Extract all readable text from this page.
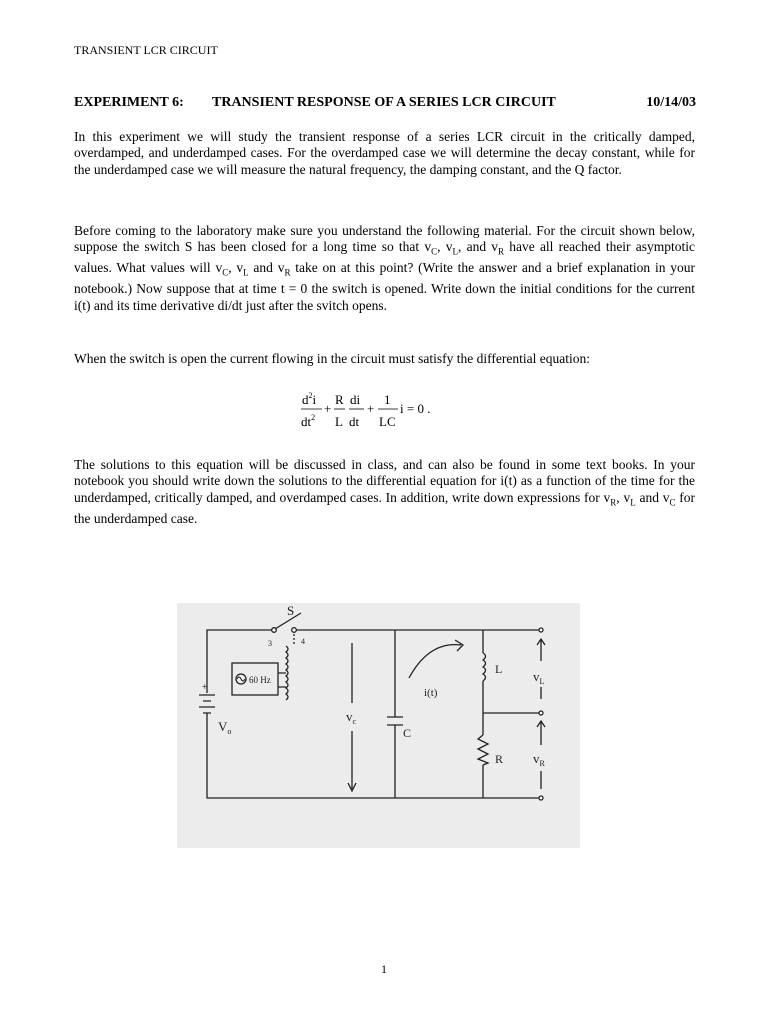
TRANSIENT LCR CIRCUIT
EXPERIMENT 6: TRANSIENT RESPONSE OF A SERIES LCR CIRCUIT	10/14/03

In this experiment we will study the transient response of a series LCR circuit in the critically damped, overdamped, and underdamped cases. For the overdamped case we will determine the decay constant, while for the underdamped case we will measure the natural frequency, the damping constant, and the Q factor.

Before coming to the laboratory make sure you understand the following material. For the circuit shown below, suppose the switch S has been closed for a long time so that $v_C$, $v_L$, and $v_R$ have all reached their asymptotic values. What values will $v_C$, $v_L$ and $v_R$ take on at this point? (Write the answer and a brief explanation in your notebook.) Now suppose that at time t = 0 the switch is opened. Write down the initial conditions for the current i(t) and its time derivative di/dt just after the svitch opens.

When the switch is open the current flowing in the circuit must satisfy the differential equation:

$d^2i$
$dt^2$
+
R
L
di
dt
+
1
LC
i = 0 .

The solutions to this equation will be discussed in class, and can also be found in some text books. In your notebook you should write down the solutions to the differential equation for i(t) as a function of the time for the underdamped, critically damped, and overdamped cases. In addition, write down expressions for $v_R$, $v_L$ and $v_C$ for the underdamped case.

S
3	4
60 Hz
+
$V_o$	C
$v_c$
i(t)
L
R
$v_L$
$v_R$
1
